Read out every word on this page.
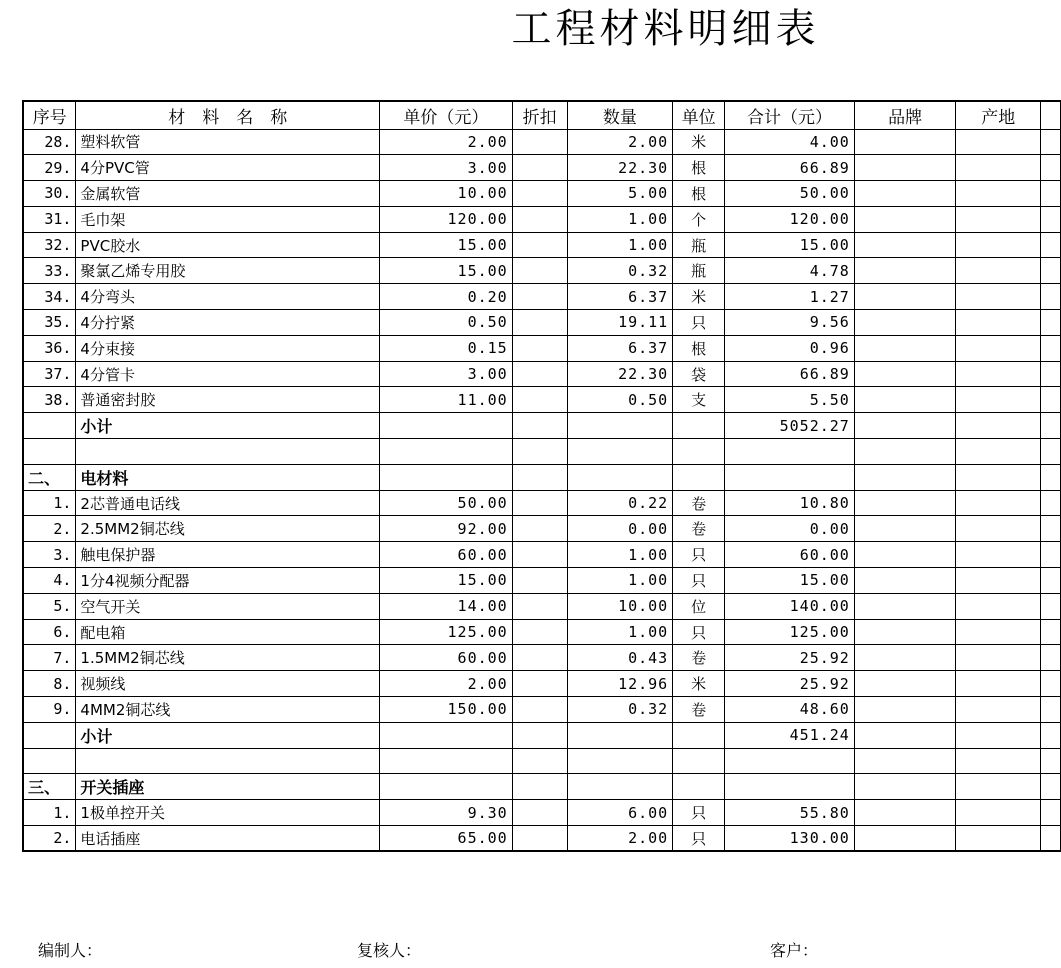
工程材料明细表
序号	材　料　名　称	单价（元）	折扣	数量	单位	合计（元）	品牌	产地	
28.	塑料软管	2.00		2.00	米	4.00			
29.	4分PVC管	3.00		22.30	根	66.89			
30.	金属软管	10.00		5.00	根	50.00			
31.	毛巾架	120.00		1.00	个	120.00			
32.	PVC胶水	15.00		1.00	瓶	15.00			
33.	聚氯乙烯专用胶	15.00		0.32	瓶	4.78			
34.	4分弯头	0.20		6.37	米	1.27			
35.	4分拧紧	0.50		19.11	只	9.56			
36.	4分束接	0.15		6.37	根	0.96			
37.	4分管卡	3.00		22.30	袋	66.89			
38.	普通密封胶	11.00		0.50	支	5.50			
	小计					5052.27			

二、	电材料								
1.	2芯普通电话线	50.00		0.22	卷	10.80			
2.	2.5MM2铜芯线	92.00		0.00	卷	0.00			
3.	触电保护器	60.00		1.00	只	60.00			
4.	1分4视频分配器	15.00		1.00	只	15.00			
5.	空气开关	14.00		10.00	位	140.00			
6.	配电箱	125.00		1.00	只	125.00			
7.	1.5MM2铜芯线	60.00		0.43	卷	25.92			
8.	视频线	2.00		12.96	米	25.92			
9.	4MM2铜芯线	150.00		0.32	卷	48.60			
	小计					451.24			

三、	开关插座								
1.	1极单控开关	9.30		6.00	只	55.80			
2.	电话插座	65.00		2.00	只	130.00			
编制人：	复核人：	客户：
